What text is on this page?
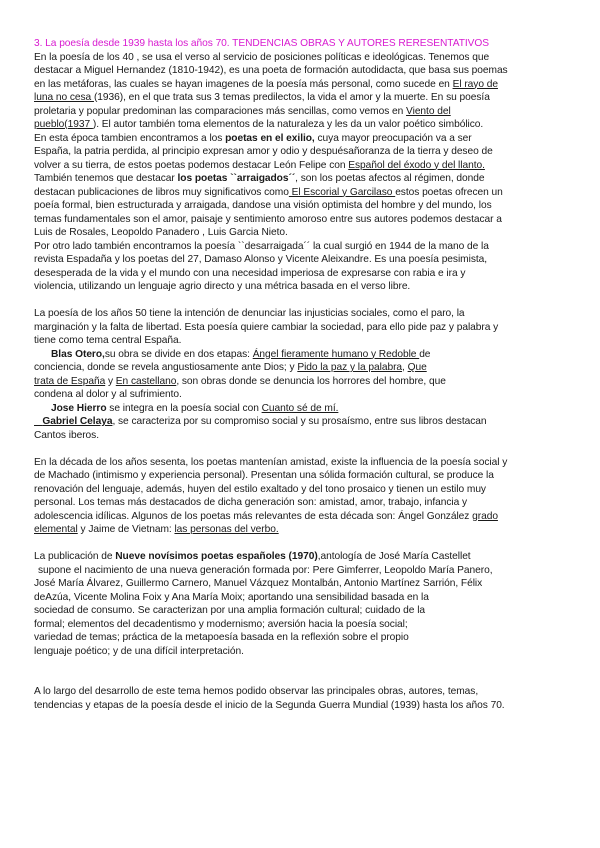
3. La poesía desde 1939 hasta los años 70. TENDENCIAS OBRAS Y AUTORES RERESENTATIVOS
En la poesía de los 40 , se usa el verso al servicio de posiciones políticas e ideológicas. Tenemos que
destacar a Miguel Hernandez (1810-1942), es una poeta de formación autodidacta, que basa sus poemas
en las metáforas, las cuales se hayan imagenes de la poesía más personal, como sucede en El rayo de
luna no cesa (1936), en el que trata sus 3 temas predilectos, la vida el amor y la muerte. En su poesía
proletaria y popular predominan las comparaciones más sencillas, como vemos en Viento del
pueblo(1937 ). El autor también toma elementos de la naturaleza y les da un valor poético simbólico.
En esta época tambien encontramos a los poetas en el exilio, cuya mayor preocupación va a ser
España, la patria perdida, al principio expresan amor y odio y despuésañoranza de la tierra y deseo de
volver a su tierra, de estos poetas podemos destacar León Felipe con Español del éxodo y del llanto.
También tenemos que destacar los poetas ``arraigados´´, son los poetas afectos al régimen, donde
destacan publicaciones de libros muy significativos como El Escorial y Garcilaso estos poetas ofrecen un
poeía formal, bien estructurada y arraigada, dandose una visión optimista del hombre y del mundo, los
temas fundamentales son el amor, paisaje y sentimiento amoroso entre sus autores podemos destacar a
Luis de Rosales, Leopoldo Panadero , Luis Garcia Nieto.
Por otro lado también encontramos la poesía ``desarraigada´´ la cual surgió en 1944 de la mano de la
revista Espadaña y los poetas del 27, Damaso Alonso y Vicente Aleixandre. Es una poesía pesimista,
desesperada de la vida y el mundo con una necesidad imperiosa de expresarse con rabia e ira y
violencia, utilizando un lenguaje agrio directo y una métrica basada en el verso libre.
La poesía de los años 50 tiene la intención de denunciar las injusticias sociales, como el paro, la
marginación y la falta de libertad. Esta poesía quiere cambiar la sociedad, para ello pide paz y palabra y
tiene como tema central España.
Blas Otero,su obra se divide en dos etapas: Ángel fieramente humano y Redoble de
conciencia, donde se revela angustiosamente ante Dios; y Pido la paz y la palabra, Que
trata de España y En castellano, son obras donde se denuncia los horrores del hombre, que
condena al dolor y al sufrimiento.
Jose Hierro se integra en la poesía social con Cuanto sé de mí.
Gabriel Celaya, se caracteriza por su compromiso social y su prosaísmo, entre sus libros destacan
Cantos iberos.
En la década de los años sesenta, los poetas mantenían amistad, existe la influencia de la poesía social y
de Machado (intimismo y experiencia personal). Presentan una sólida formación cultural, se produce la
renovación del lenguaje, además, huyen del estilo exaltado y del tono prosaico y tienen un estilo muy
personal. Los temas más destacados de dicha generación son: amistad, amor, trabajo, infancia y
adolescencia idílicas. Algunos de los poetas más relevantes de esta década son: Ángel González grado
elemental y Jaime de Vietnam: las personas del verbo.
La publicación de Nueve novísimos poetas españoles (1970),antología de José María Castellet
supone el nacimiento de una nueva generación formada por: Pere Gimferrer, Leopoldo María Panero,
José María Álvarez, Guillermo Carnero, Manuel Vázquez Montalbán, Antonio Martínez Sarrión, Félix
deAzúa, Vicente Molina Foix y Ana María Moix; aportando una sensibilidad basada en la
sociedad de consumo. Se caracterizan por una amplia formación cultural; cuidado de la
formal; elementos del decadentismo y modernismo; aversión hacia la poesía social;
variedad de temas; práctica de la metapoesía basada en la reflexión sobre el propio
lenguaje poético; y de una difícil interpretación.
A lo largo del desarrollo de este tema hemos podido observar las principales obras, autores, temas,
tendencias y etapas de la poesía desde el inicio de la Segunda Guerra Mundial (1939) hasta los años 70.
